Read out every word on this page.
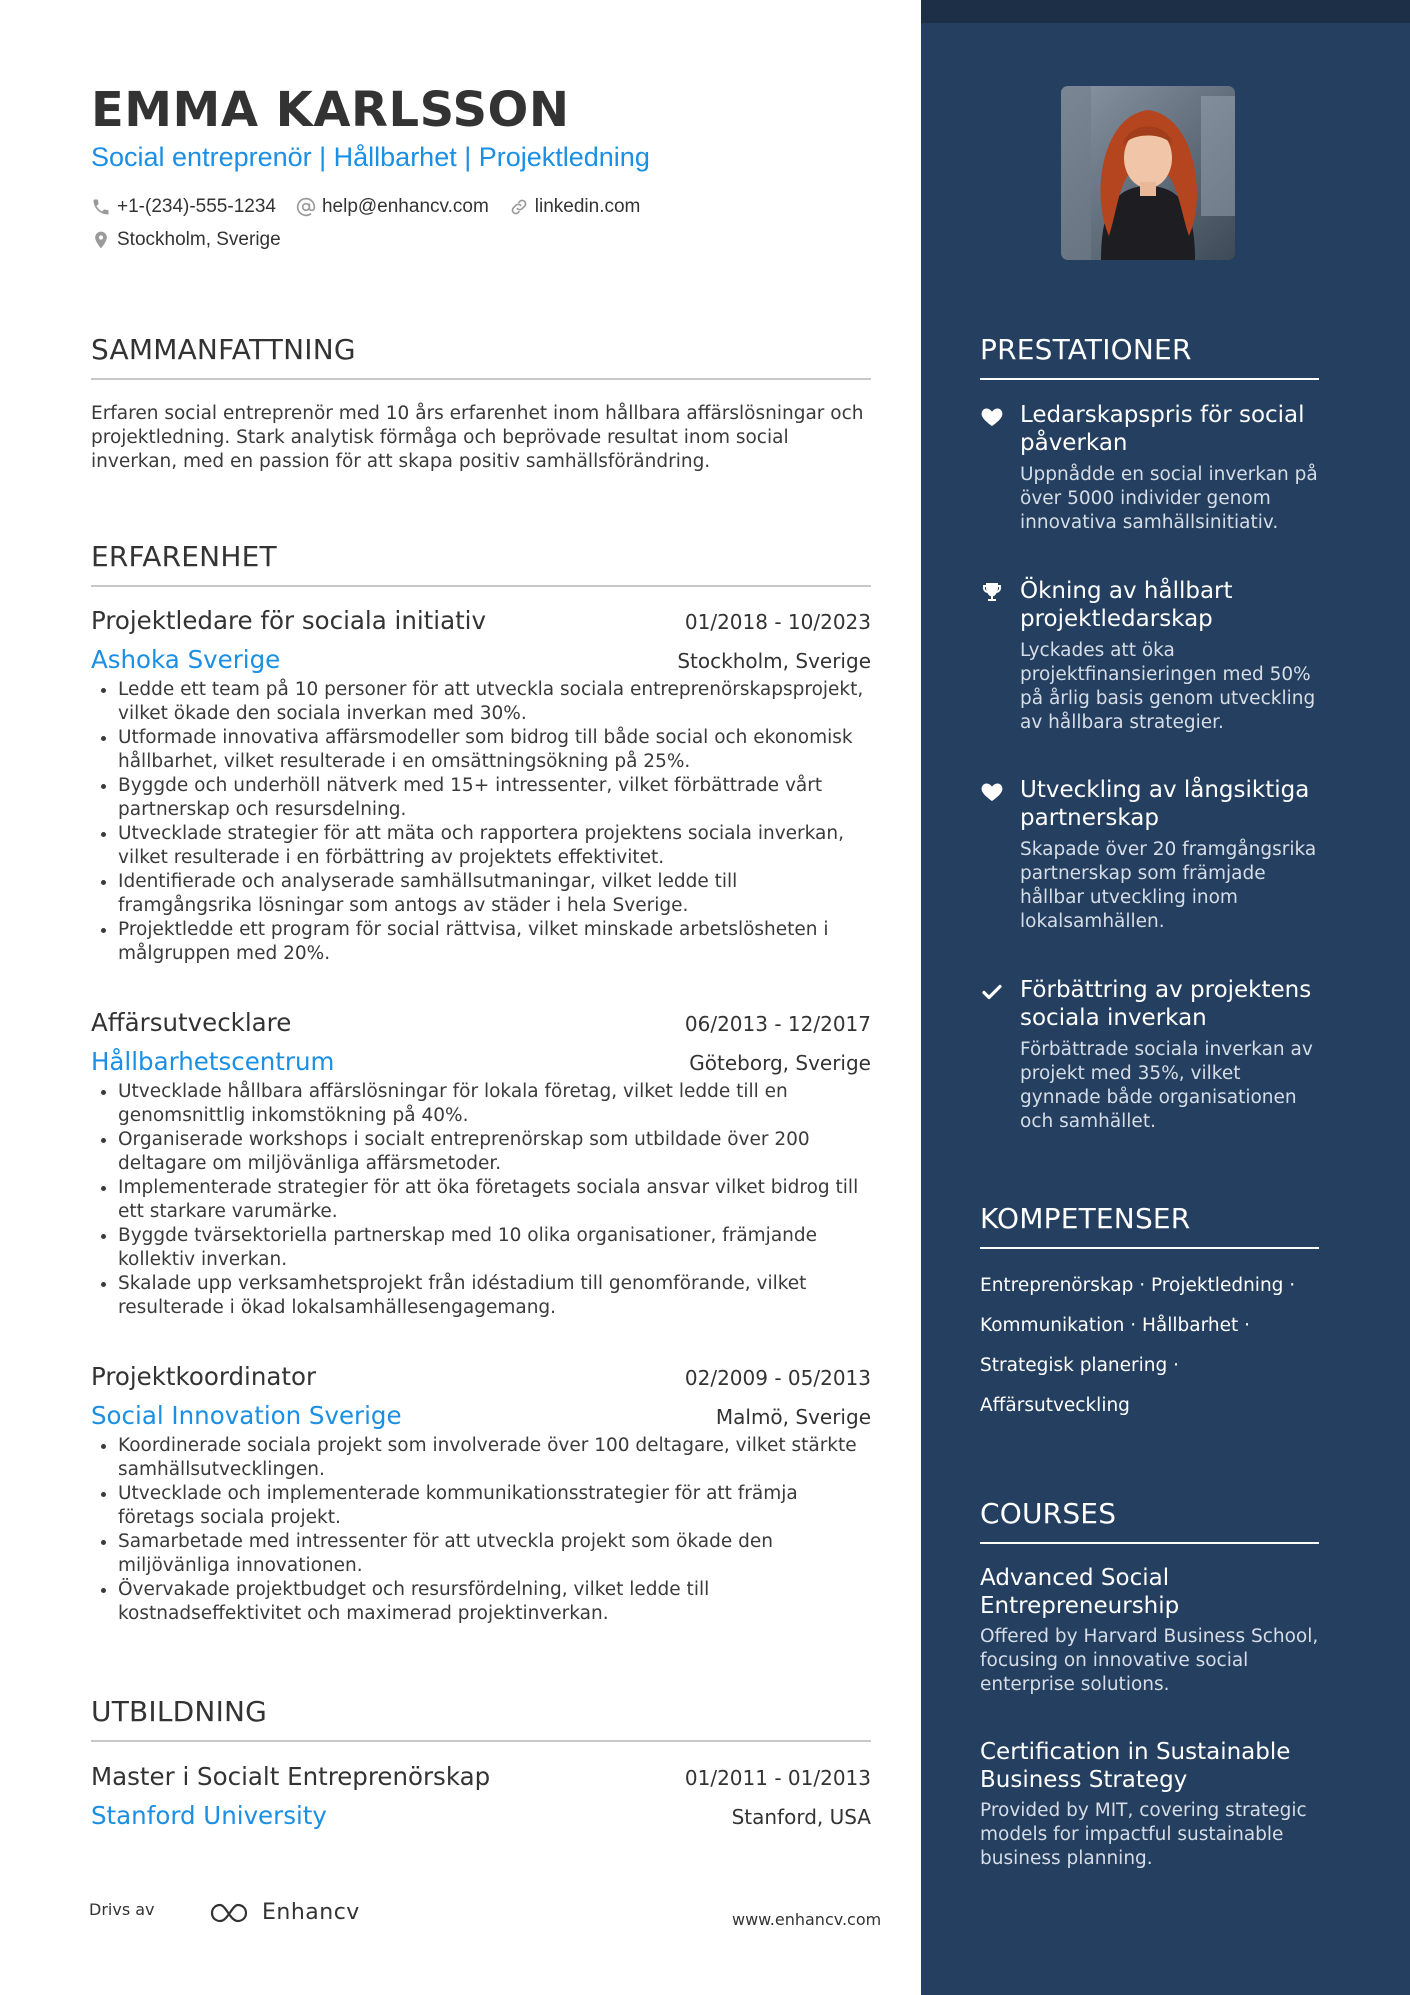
EMMA KARLSSON
Social entreprenör | Hållbarhet | Projektledning
+1-(234)-555-1234 help@enhancv.com linkedin.com
Stockholm, Sverige
SAMMANFATTNING
Erfaren social entreprenör med 10 års erfarenhet inom hållbara affärslösningar och projektledning. Stark analytisk förmåga och beprövade resultat inom social inverkan, med en passion för att skapa positiv samhällsförändring.
ERFARENHET
Projektledare för sociala initiativ	01/2018 - 10/2023
Ashoka Sverige	Stockholm, Sverige
• Ledde ett team på 10 personer för att utveckla sociala entreprenörskapsprojekt, vilket ökade den sociala inverkan med 30%.
• Utformade innovativa affärsmodeller som bidrog till både social och ekonomisk hållbarhet, vilket resulterade i en omsättningsökning på 25%.
• Byggde och underhöll nätverk med 15+ intressenter, vilket förbättrade vårt partnerskap och resursdelning.
• Utvecklade strategier för att mäta och rapportera projektens sociala inverkan, vilket resulterade i en förbättring av projektets effektivitet.
• Identifierade och analyserade samhällsutmaningar, vilket ledde till framgångsrika lösningar som antogs av städer i hela Sverige.
• Projektledde ett program för social rättvisa, vilket minskade arbetslösheten i målgruppen med 20%.
Affärsutvecklare	06/2013 - 12/2017
Hållbarhetscentrum	Göteborg, Sverige
• Utvecklade hållbara affärslösningar för lokala företag, vilket ledde till en genomsnittlig inkomstökning på 40%.
• Organiserade workshops i socialt entreprenörskap som utbildade över 200 deltagare om miljövänliga affärsmetoder.
• Implementerade strategier för att öka företagets sociala ansvar vilket bidrog till ett starkare varumärke.
• Byggde tvärsektoriella partnerskap med 10 olika organisationer, främjande kollektiv inverkan.
• Skalade upp verksamhetsprojekt från idéstadium till genomförande, vilket resulterade i ökad lokalsamhällesengagemang.
Projektkoordinator	02/2009 - 05/2013
Social Innovation Sverige	Malmö, Sverige
• Koordinerade sociala projekt som involverade över 100 deltagare, vilket stärkte samhällsutvecklingen.
• Utvecklade och implementerade kommunikationsstrategier för att främja företags sociala projekt.
• Samarbetade med intressenter för att utveckla projekt som ökade den miljövänliga innovationen.
• Övervakade projektbudget och resursfördelning, vilket ledde till kostnadseffektivitet och maximerad projektinverkan.
UTBILDNING
Master i Socialt Entreprenörskap	01/2011 - 01/2013
Stanford University	Stanford, USA
Drivs av	Enhancv	www.enhancv.com
PRESTATIONER
Ledarskapspris för social påverkan
Uppnådde en social inverkan på över 5000 individer genom innovativa samhällsinitiativ.
Ökning av hållbart projektledarskap
Lyckades att öka projektfinansieringen med 50% på årlig basis genom utveckling av hållbara strategier.
Utveckling av långsiktiga partnerskap
Skapade över 20 framgångsrika partnerskap som främjade hållbar utveckling inom lokalsamhällen.
Förbättring av projektens sociala inverkan
Förbättrade sociala inverkan av projekt med 35%, vilket gynnade både organisationen och samhället.
KOMPETENSER
Entreprenörskap · Projektledning ·
Kommunikation · Hållbarhet ·
Strategisk planering ·
Affärsutveckling
COURSES
Advanced Social Entrepreneurship
Offered by Harvard Business School, focusing on innovative social enterprise solutions.
Certification in Sustainable Business Strategy
Provided by MIT, covering strategic models for impactful sustainable business planning.
